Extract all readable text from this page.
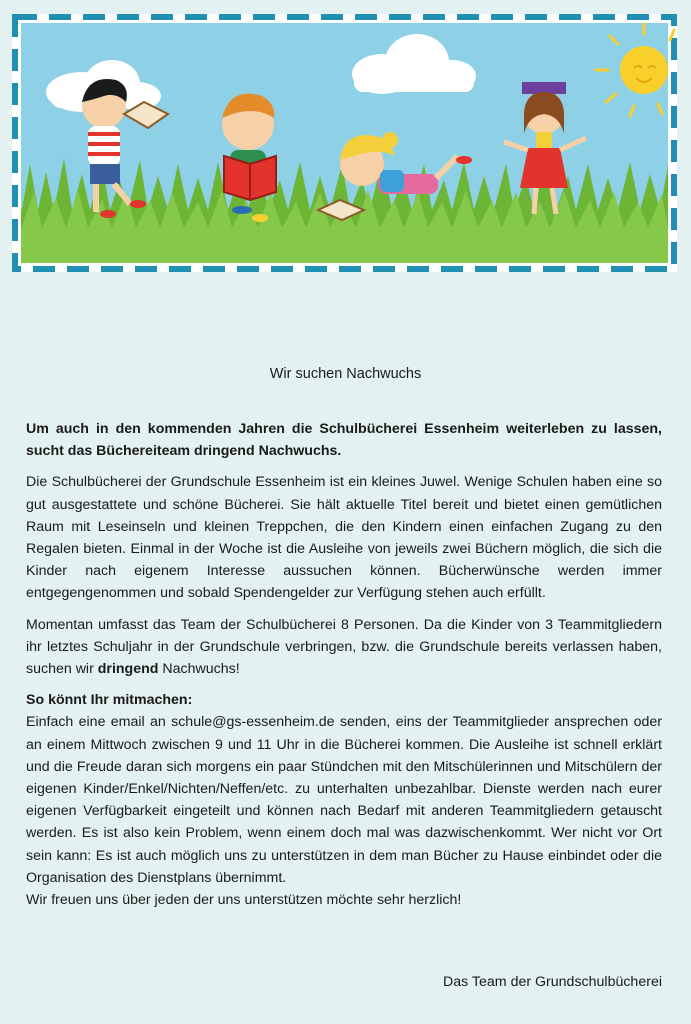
Wir suchen Nachwuchs

Um auch in den kommenden Jahren die Schulbücherei Essenheim weiterleben zu lassen, sucht das Büchereiteam dringend Nachwuchs.

Die Schulbücherei der Grundschule Essenheim ist ein kleines Juwel. Wenige Schulen haben eine so gut ausgestattete und schöne Bücherei. Sie hält aktuelle Titel bereit und bietet einen gemütlichen Raum mit Leseinseln und kleinen Treppchen, die den Kindern einen einfachen Zugang zu den Regalen bieten. Einmal in der Woche ist die Ausleihe von jeweils zwei Büchern möglich, die sich die Kinder nach eigenem Interesse aussuchen können. Bücherwünsche werden immer entgegengenommen und sobald Spendengelder zur Verfügung stehen auch erfüllt.

Momentan umfasst das Team der Schulbücherei 8 Personen. Da die Kinder von 3 Teammitgliedern ihr letztes Schuljahr in der Grundschule verbringen, bzw. die Grundschule bereits verlassen haben, suchen wir dringend Nachwuchs!

So könnt Ihr mitmachen:
Einfach eine email an schule@gs-essenheim.de senden, eins der Teammitglieder ansprechen oder an einem Mittwoch zwischen 9 und 11 Uhr in die Bücherei kommen. Die Ausleihe ist schnell erklärt und die Freude daran sich morgens ein paar Stündchen mit den Mitschülerinnen und Mitschülern der eigenen Kinder/Enkel/Nichten/Neffen/etc. zu unterhalten unbezahlbar. Dienste werden nach eurer eigenen Verfügbarkeit eingeteilt und können nach Bedarf mit anderen Teammitgliedern getauscht werden. Es ist also kein Problem, wenn einem doch mal was dazwischenkommt. Wer nicht vor Ort sein kann: Es ist auch möglich uns zu unterstützen in dem man Bücher zu Hause einbindet oder die Organisation des Dienstplans übernimmt.
Wir freuen uns über jeden der uns unterstützen möchte sehr herzlich!
Das Team der Grundschulbücherei
